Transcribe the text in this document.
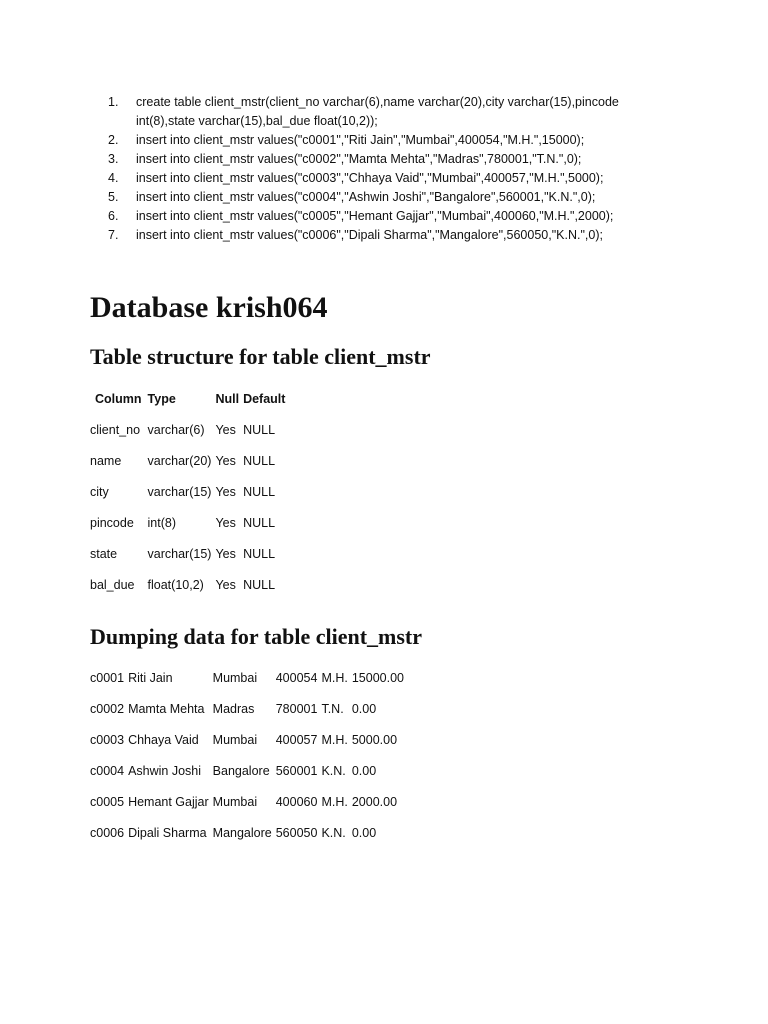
1.	create table client_mstr(client_no varchar(6),name varchar(20),city varchar(15),pincode int(8),state varchar(15),bal_due float(10,2));
2.	insert into client_mstr values("c0001","Riti Jain","Mumbai",400054,"M.H.",15000);
3.	insert into client_mstr values("c0002","Mamta Mehta","Madras",780001,"T.N.",0);
4.	insert into client_mstr values("c0003","Chhaya Vaid","Mumbai",400057,"M.H.",5000);
5.	insert into client_mstr values("c0004","Ashwin Joshi","Bangalore",560001,"K.N.",0);
6.	insert into client_mstr values("c0005","Hemant Gajjar","Mumbai",400060,"M.H.",2000);
7.	insert into client_mstr values("c0006","Dipali Sharma","Mangalore",560050,"K.N.",0);
Database krish064
Table structure for table client_mstr
Column	Type	Null	Default
client_no	varchar(6)	Yes	NULL
name	varchar(20)	Yes	NULL
city	varchar(15)	Yes	NULL
pincode	int(8)	Yes	NULL
state	varchar(15)	Yes	NULL
bal_due	float(10,2)	Yes	NULL
Dumping data for table client_mstr
c0001	Riti Jain	Mumbai	400054	M.H.	15000.00
c0002	Mamta Mehta	Madras	780001	T.N.	0.00
c0003	Chhaya Vaid	Mumbai	400057	M.H.	5000.00
c0004	Ashwin Joshi	Bangalore	560001	K.N.	0.00
c0005	Hemant Gajjar	Mumbai	400060	M.H.	2000.00
c0006	Dipali Sharma	Mangalore	560050	K.N.	0.00
